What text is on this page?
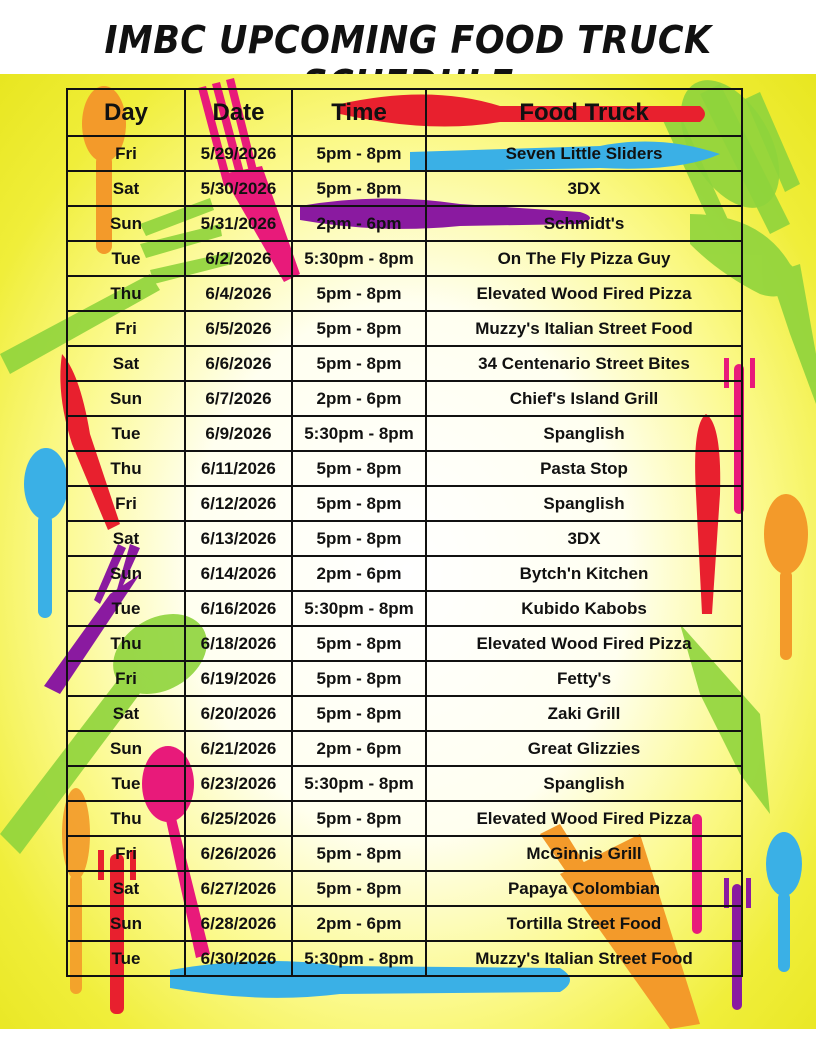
IMBC UPCOMING FOOD TRUCK
Day	Date	Time	Food Truck
Fri	5/29/2026	5pm - 8pm	Seven Little Sliders
Sat	5/30/2026	5pm - 8pm	3DX
Sun	5/31/2026	2pm - 6pm	Schmidt's
Tue	6/2/2026	5:30pm - 8pm	On The Fly Pizza Guy
Thu	6/4/2026	5pm - 8pm	Elevated Wood Fired Pizza
Fri	6/5/2026	5pm - 8pm	Muzzy's Italian Street Food
Sat	6/6/2026	5pm - 8pm	34 Centenario Street Bites
Sun	6/7/2026	2pm - 6pm	Chief's Island Grill
Tue	6/9/2026	5:30pm - 8pm	Spanglish
Thu	6/11/2026	5pm - 8pm	Pasta Stop
Fri	6/12/2026	5pm - 8pm	Spanglish
Sat	6/13/2026	5pm - 8pm	3DX
Sun	6/14/2026	2pm - 6pm	Bytch'n Kitchen
Tue	6/16/2026	5:30pm - 8pm	Kubido Kabobs
Thu	6/18/2026	5pm - 8pm	Elevated Wood Fired Pizza
Fri	6/19/2026	5pm - 8pm	Fetty's
Sat	6/20/2026	5pm - 8pm	Zaki Grill
Sun	6/21/2026	2pm - 6pm	Great Glizzies
Tue	6/23/2026	5:30pm - 8pm	Spanglish
Thu	6/25/2026	5pm - 8pm	Elevated Wood Fired Pizza
Fri	6/26/2026	5pm - 8pm	McGinnis Grill
Sat	6/27/2026	5pm - 8pm	Papaya Colombian
Sun	6/28/2026	2pm - 6pm	Tortilla Street Food
Tue	6/30/2026	5:30pm - 8pm	Muzzy's Italian Street Food
